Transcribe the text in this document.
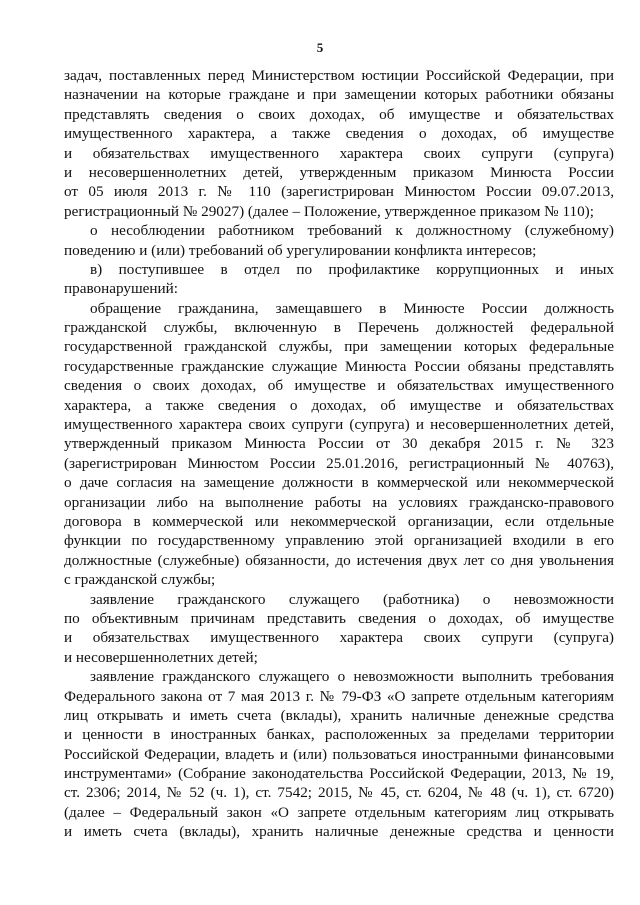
5
задач, поставленных перед Министерством юстиции Российской Федерации, при
назначении на которые граждане и при замещении которых работники обязаны
представлять сведения о своих доходах, об имуществе и обязательствах
имущественного характера, а также сведения о доходах, об имуществе
и обязательствах имущественного характера своих супруги (супруга)
и несовершеннолетних детей, утвержденным приказом Минюста России
от 05 июля 2013 г. № 110 (зарегистрирован Минюстом России 09.07.2013,
регистрационный № 29027) (далее – Положение, утвержденное приказом № 110);
о несоблюдении работником требований к должностному (служебному)
поведению и (или) требований об урегулировании конфликта интересов;
в) поступившее в отдел по профилактике коррупционных и иных
правонарушений:
обращение гражданина, замещавшего в Минюсте России должность
гражданской службы, включенную в Перечень должностей федеральной
государственной гражданской службы, при замещении которых федеральные
государственные гражданские служащие Минюста России обязаны представлять
сведения о своих доходах, об имуществе и обязательствах имущественного
характера, а также сведения о доходах, об имуществе и обязательствах
имущественного характера своих супруги (супруга) и несовершеннолетних детей,
утвержденный приказом Минюста России от 30 декабря 2015 г. № 323
(зарегистрирован Минюстом России 25.01.2016, регистрационный № 40763),
о даче согласия на замещение должности в коммерческой или некоммерческой
организации либо на выполнение работы на условиях гражданско-правового
договора в коммерческой или некоммерческой организации, если отдельные
функции по государственному управлению этой организацией входили в его
должностные (служебные) обязанности, до истечения двух лет со дня увольнения
с гражданской службы;
заявление гражданского служащего (работника) о невозможности
по объективным причинам представить сведения о доходах, об имуществе
и обязательствах имущественного характера своих супруги (супруга)
и несовершеннолетних детей;
заявление гражданского служащего о невозможности выполнить требования
Федерального закона от 7 мая 2013 г. № 79-ФЗ «О запрете отдельным категориям
лиц открывать и иметь счета (вклады), хранить наличные денежные средства
и ценности в иностранных банках, расположенных за пределами территории
Российской Федерации, владеть и (или) пользоваться иностранными финансовыми
инструментами» (Собрание законодательства Российской Федерации, 2013, № 19,
ст. 2306; 2014, № 52 (ч. 1), ст. 7542; 2015, № 45, ст. 6204, № 48 (ч. 1), ст. 6720)
(далее – Федеральный закон «О запрете отдельным категориям лиц открывать
и иметь счета (вклады), хранить наличные денежные средства и ценности
